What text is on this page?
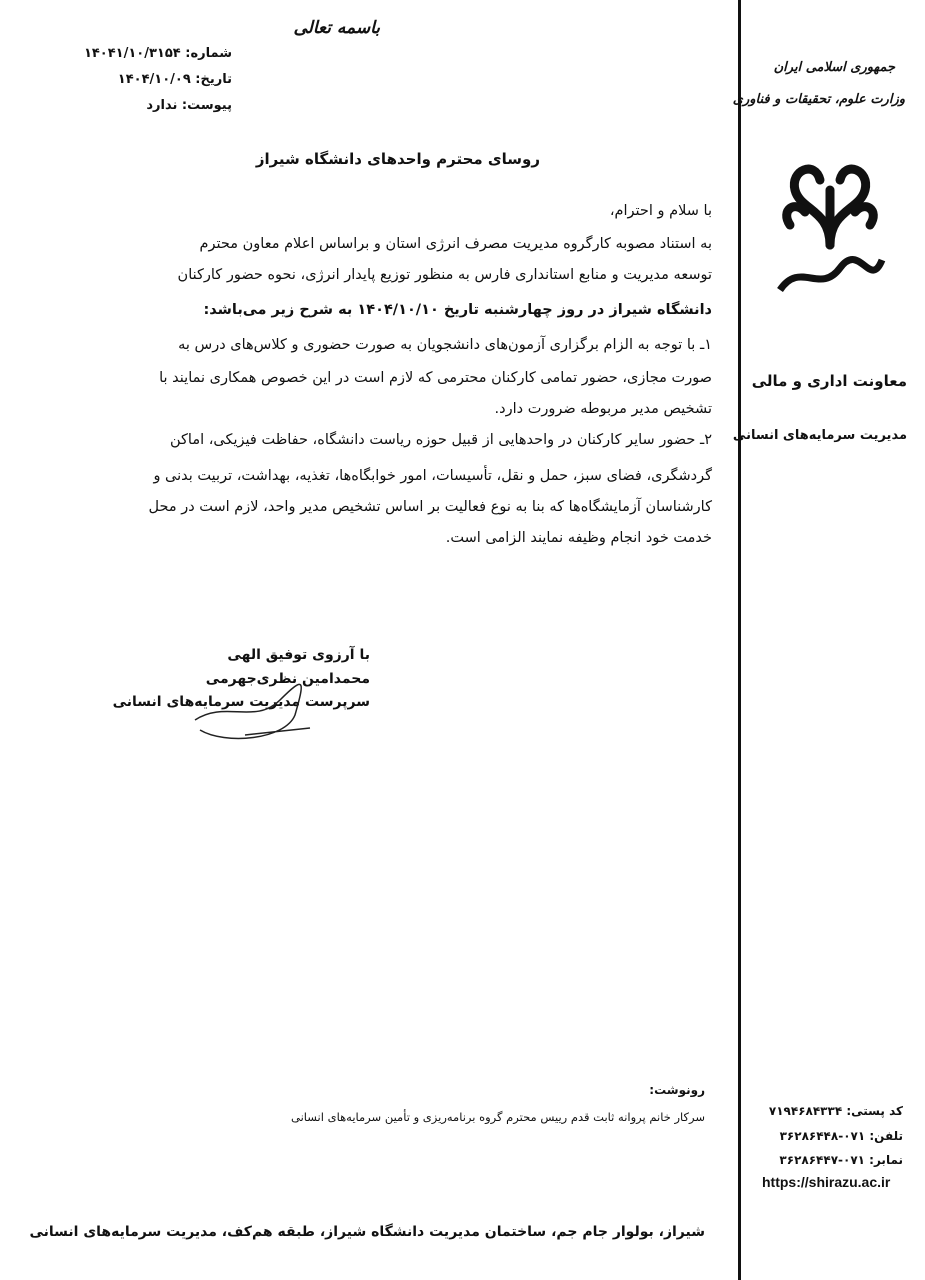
باسمه تعالی
شماره: ۱۴۰۴۱/۱۰/۳۱۵۴
تاریخ: ۱۴۰۴/۱۰/۰۹
پیوست: ندارد
روسای محترم واحدهای دانشگاه شیراز
با سلام و احترام،
به استناد مصوبه کارگروه مدیریت مصرف انرژی استان و براساس اعلام معاون محترم
توسعه مدیریت و منابع استانداری فارس به منظور توزیع پایدار انرژی، نحوه حضور کارکنان
دانشگاه شیراز در روز چهارشنبه تاریخ ۱۴۰۴/۱۰/۱۰ به شرح زیر می‌باشد:
۱ـ با توجه به الزام برگزاری آزمون‌های دانشجویان به صورت حضوری و کلاس‌های درس به
صورت مجازی، حضور تمامی کارکنان محترمی که لازم است در این خصوص همکاری نمایند با
تشخیص مدیر مربوطه ضرورت دارد.
۲ـ حضور سایر کارکنان در واحدهایی از قبیل حوزه ریاست دانشگاه، حفاظت فیزیکی، اماکن
گردشگری، فضای سبز، حمل و نقل، تأسیسات، امور خوابگاه‌ها، تغذیه، بهداشت، تربیت بدنی و
کارشناسان آزمایشگاه‌ها که بنا به نوع فعالیت بر اساس تشخیص مدیر واحد، لازم است در محل
خدمت خود انجام وظیفه نمایند الزامی است.
با آرزوی توفیق الهی
محمدامین نظری‌جهرمی
سرپرست مدیریت سرمایه‌های انسانی
رونوشت:
سرکار خانم پروانه ثابت قدم رییس محترم گروه برنامه‌ریزی و تأمین سرمایه‌های انسانی
شیراز، بولوار جام جم، ساختمان مدیریت دانشگاه شیراز، طبقه هم‌کف، مدیریت سرمایه‌های انسانی
جمهوری اسلامی ایران
وزارت علوم، تحقیقات و فناوری
معاونت اداری و مالی
مدیریت سرمایه‌های انسانی
کد پستی: ۷۱۹۴۶۸۴۳۳۴
تلفن: ۰۷۱-۳۶۲۸۶۴۴۸
نمابر: ۰۷۱-۳۶۲۸۶۴۴۷
https://shirazu.ac.ir
